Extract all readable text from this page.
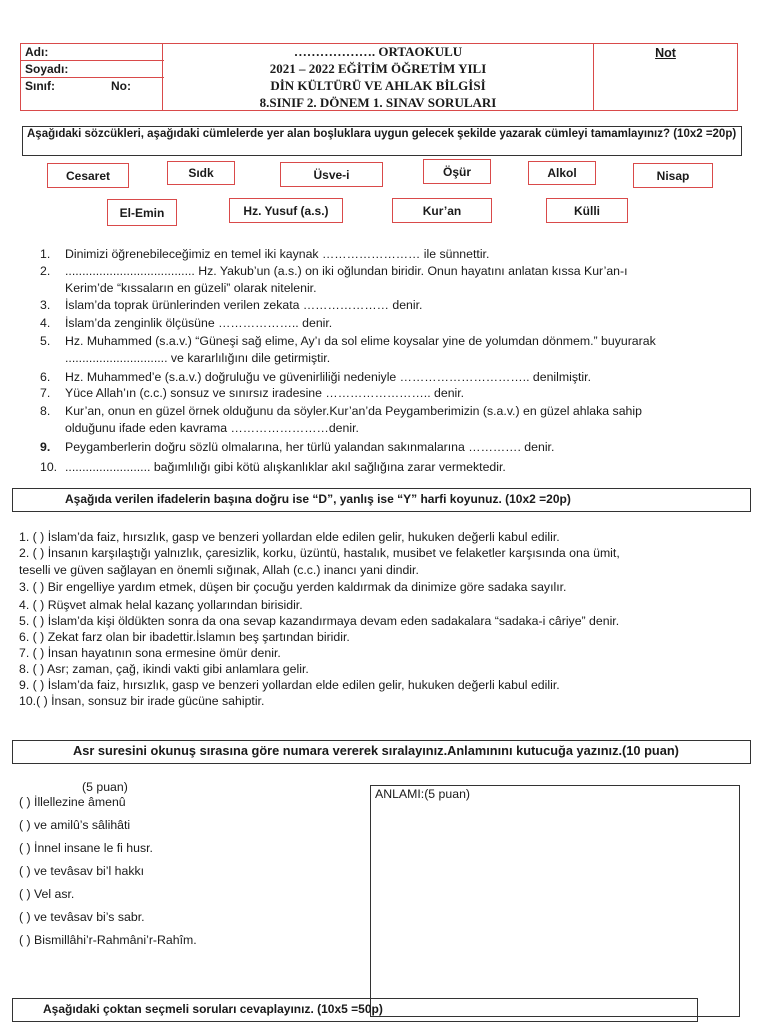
Adı:
Soyadı:
Sınıf:	No:
………………. ORTAOKULU
2021 – 2022 EĞİTİM ÖĞRETİM YILI
DİN KÜLTÜRÜ VE AHLAK BİLGİSİ
8.SINIF 2. DÖNEM 1. SINAV SORULARI
Not
Aşağıdaki sözcükleri, aşağıdaki cümlelerde yer alan boşluklara uygun gelecek şekilde yazarak cümleyi tamamlayınız? (10x2 =20p)
Cesaret	Sıdk	Üsve-i	Öşür	Alkol	Nisap
El-Emin	Hz. Yusuf (a.s.)	Kur’an	Külli
1. Dinimizi öğrenebileceğimiz en temel iki kaynak …………………… ile sünnettir.
2. ...................................... Hz. Yakub’un (a.s.) on iki oğlundan biridir. Onun hayatını anlatan kıssa Kur’an-ı
Kerim’de “kıssaların en güzeli” olarak nitelenir.
3. İslam’da toprak ürünlerinden verilen zekata ………………… denir.
4. İslam’da zenginlik ölçüsüne ……………….. denir.
5. Hz. Muhammed (s.a.v.) “Güneşi sağ elime, Ay’ı da sol elime koysalar yine de yolumdan dönmem.” buyurarak
.............................. ve kararlılığını dile getirmiştir.
6. Hz. Muhammed’e (s.a.v.) doğruluğu ve güvenirliliği nedeniyle ………………………….. denilmiştir.
7. Yüce Allah’ın (c.c.) sonsuz ve sınırsız iradesine …………………….. denir.
8. Kur’an, onun en güzel örnek olduğunu da söyler.Kur’an’da Peygamberimizin (s.a.v.) en güzel ahlaka sahip
olduğunu ifade eden kavrama ……………………denir.
9. Peygamberlerin doğru sözlü olmalarına, her türlü yalandan sakınmalarına …………. denir.
10. ......................... bağımlılığı gibi kötü alışkanlıklar akıl sağlığına zarar vermektedir.
Aşağıda verilen ifadelerin başına doğru ise “D”, yanlış ise “Y” harfi koyunuz. (10x2 =20p)
1. ( ) İslam’da faiz, hırsızlık, gasp ve benzeri yollardan elde edilen gelir, hukuken değerli kabul edilir.
2. ( ) İnsanın karşılaştığı yalnızlık, çaresizlik, korku, üzüntü, hastalık, musibet ve felaketler karşısında ona ümit,
teselli ve güven sağlayan en önemli sığınak, Allah (c.c.) inancı yani dindir.
3. ( ) Bir engelliye yardım etmek, düşen bir çocuğu yerden kaldırmak da dinimize göre sadaka sayılır.
4. ( ) Rüşvet almak helal kazanç yollarından birisidir.
5. ( ) İslam’da kişi öldükten sonra da ona sevap kazandırmaya devam eden sadakalara “sadaka-i câriye” denir.
6. ( ) Zekat farz olan bir ibadettir.İslamın beş şartından biridir.
7. ( ) İnsan hayatının sona ermesine ömür denir.
8. ( ) Asr; zaman, çağ, ikindi vakti gibi anlamlara gelir.
9. ( ) İslam’da faiz, hırsızlık, gasp ve benzeri yollardan elde edilen gelir, hukuken değerli kabul edilir.
10.( ) İnsan, sonsuz bir irade gücüne sahiptir.
Asr suresini okunuş sırasına göre numara vererek sıralayınız.Anlamınını kutucuğa yazınız.(10 puan)
(5 puan)
( ) İllellezine âmenû
( ) ve amilû’s sâlihâti
( ) İnnel insane le fi husr.
( ) ve tevâsav bi’l hakkı
( ) Vel asr.
( ) ve tevâsav bi’s sabr.
( ) Bismillâhi’r-Rahmâni’r-Rahîm.
ANLAMI:(5 puan)
Aşağıdaki çoktan seçmeli soruları cevaplayınız. (10x5 =50p)
